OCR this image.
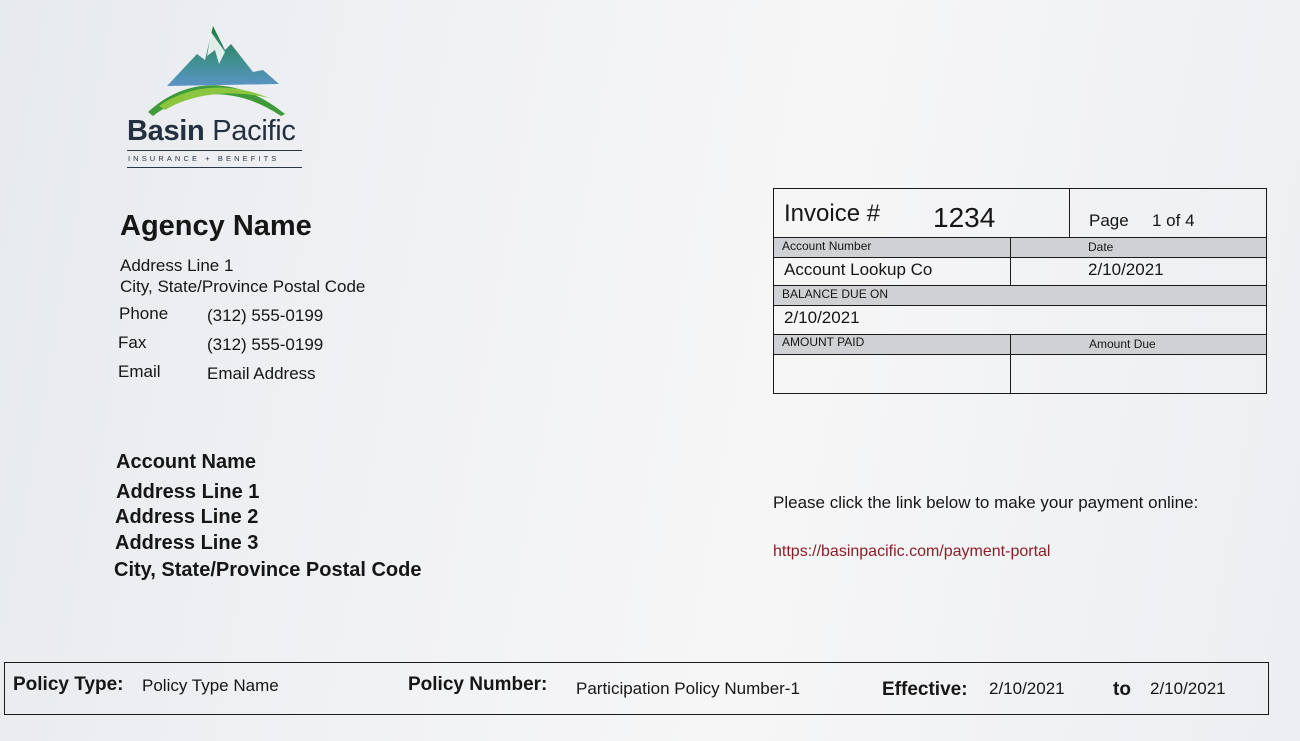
Basin Pacific
INSURANCE + BENEFITS
Agency Name
Address Line 1
City, State/Province Postal Code
Phone (312) 555-0199
Fax	(312) 555-0199
Email	Email Address
Account Name
Address Line 1
Address Line 2
Address Line 3
City, State/Province Postal Code
Invoice # 1234	Page 1 of 4
Account Number	Date
Account Lookup Co	2/10/2021
BALANCE DUE ON
2/10/2021
AMOUNT PAID	Amount Due
Please click the link below to make your payment online:
https://basinpacific.com/payment-portal
Policy Type: Policy Type Name	Policy Number: Participation Policy Number-1	Effective: 2/10/2021	to 2/10/2021
